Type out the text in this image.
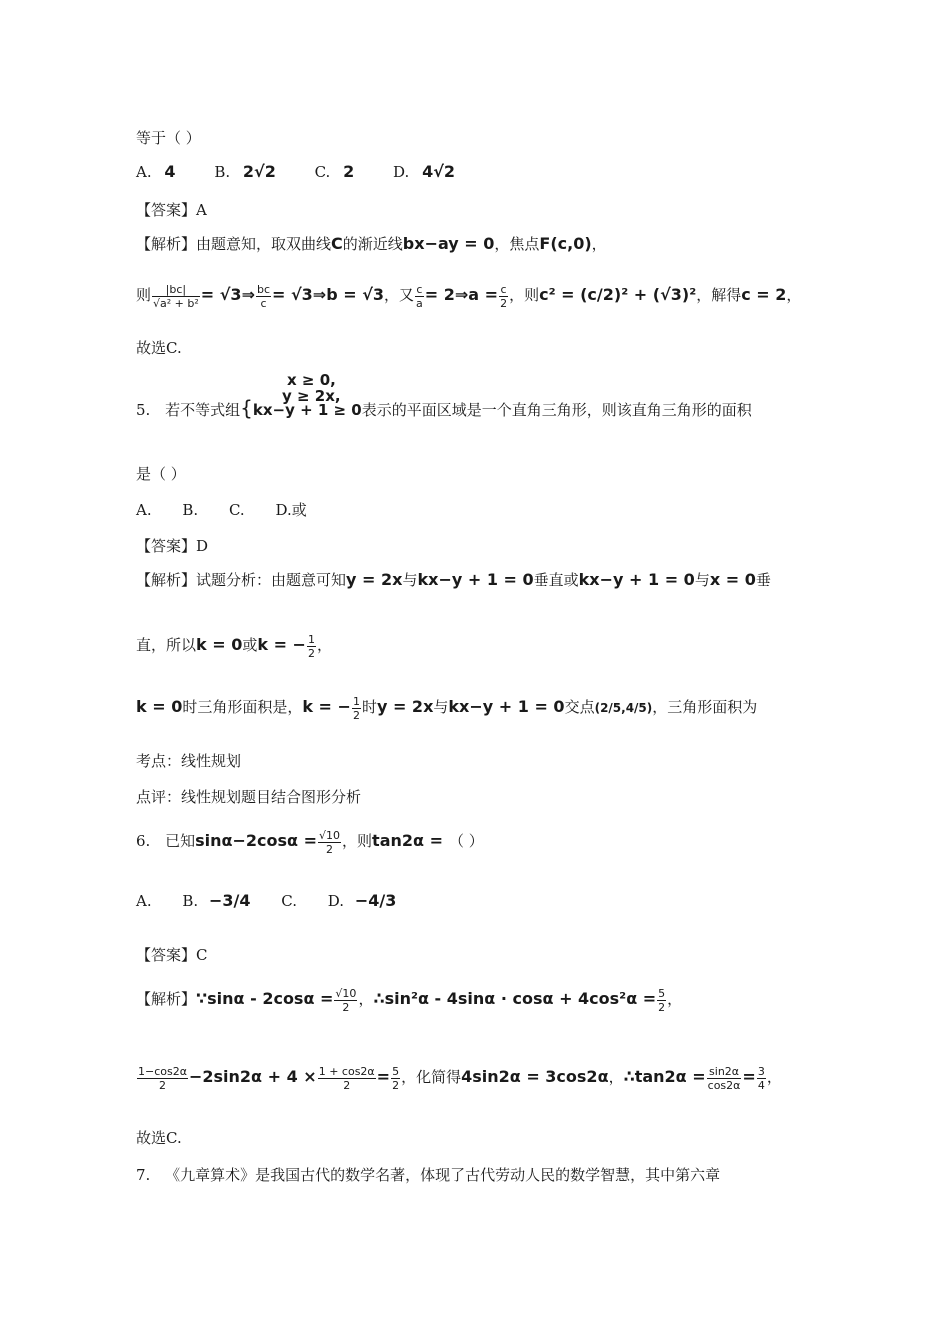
等于（ ）
A. 4	B. 2√2	C. 2	D. 4√2
【答案】A
【解析】由题意知，取双曲线C的渐近线bx−ay = 0，焦点F(c,0)，
则 $\frac{|bc|}{\text{√a² + b²}}$ = √3⇒ $\frac{bc}{c}$ = √3⇒b = √3，又 $\frac{c}{a}$ = 2⇒a = $\frac{c}{2}$ ，则c² = (c/2)² + (√3)²，解得c = 2，
故选C.
x ≥ 0,
y ≥ 2x,
5. 若不等式组{kx−y + 1 ≥ 0表示的平面区域是一个直角三角形，则该直角三角形的面积
是（ ）
A. B. C. D.或
【答案】D
【解析】试题分析：由题意可知y = 2x与kx−y + 1 = 0垂直或kx−y + 1 = 0与x = 0垂
直，所以k = 0或k = − $\frac{1}{2}$ ，
k = 0时三角形面积是，k = − $\frac{1}{2}$ 时y = 2x与kx−y + 1 = 0交点(2/5,4/5)，三角形面积为
考点：线性规划
点评：线性规划题目结合图形分析
6. 已知$\sin\alpha-2\cos\alpha = \frac{√10}{2}$ ，则tan2α = （ ）
A. B. −3/4 C. D. −4/3
【答案】C
【解析】∵sinα - $2\cos\alpha = \frac{√10}{2}$ ，∴sin²α - $4\sin\alpha \cdot \cos\alpha + 4\cos^2\alpha = \frac{5}{2}$ ，
$\frac{1-\cos 2\alpha}{2} -2\sin 2\alpha + 4 \times \frac{1 + \cos 2\alpha}{2} = \frac{5}{2}$ ，化简得4sin2α = 3cos2α，∴tan2α = $\frac{\sin 2\alpha}{\cos 2\alpha} = \frac{3}{4}$ ，
故选C.
7. 《九章算术》是我国古代的数学名著，体现了古代劳动人民的数学智慧，其中第六章
